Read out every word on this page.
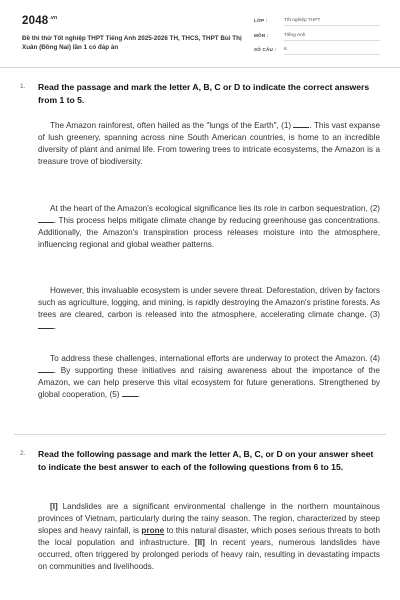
$2048^{.vn}$
Đề thi thử Tốt nghiệp THPT Tiếng Anh 2025-2026 TH, THCS, THPT Bùi Thị Xuân (Đồng Nai) lần 1 có đáp án
LỚP :	Tốt nghiệp THPT
MÔN :	Tiếng Anh
SỐ CÂU : 6
1. Read the passage and mark the letter A, B, C or D to indicate the correct answers from 1 to 5.
The Amazon rainforest, often hailed as the "lungs of the Earth", (1) . This vast expanse of lush greenery, spanning across nine South American countries, is home to an incredible diversity of plant and animal life. From towering trees to intricate ecosystems, the Amazon is a treasure trove of biodiversity.
At the heart of the Amazon's ecological significance lies its role in carbon sequestration, (2) . This process helps mitigate climate change by reducing greenhouse gas concentrations. Additionally, the Amazon's transpiration process releases moisture into the atmosphere, influencing regional and global weather patterns.
However, this invaluable ecosystem is under severe threat. Deforestation, driven by factors such as agriculture, logging, and mining, is rapidly destroying the Amazon's pristine forests. As trees are cleared, carbon is released into the atmosphere, accelerating climate change. (3) .
To address these challenges, international efforts are underway to protect the Amazon. (4) . By supporting these initiatives and raising awareness about the importance of the Amazon, we can help preserve this vital ecosystem for future generations. Strengthened by global cooperation, (5) .
2. Read the following passage and mark the letter A, B, C, or D on your answer sheet to indicate the best answer to each of the following questions from 6 to 15.
[I] Landslides are a significant environmental challenge in the northern mountainous provinces of Vietnam, particularly during the rainy season. The region, characterized by steep slopes and heavy rainfall, is prone to this natural disaster, which poses serious threats to both the local population and infrastructure. [II] In recent years, numerous landslides have occurred, often triggered by prolonged periods of heavy rain, resulting in devastating impacts on communities and livelihoods.
